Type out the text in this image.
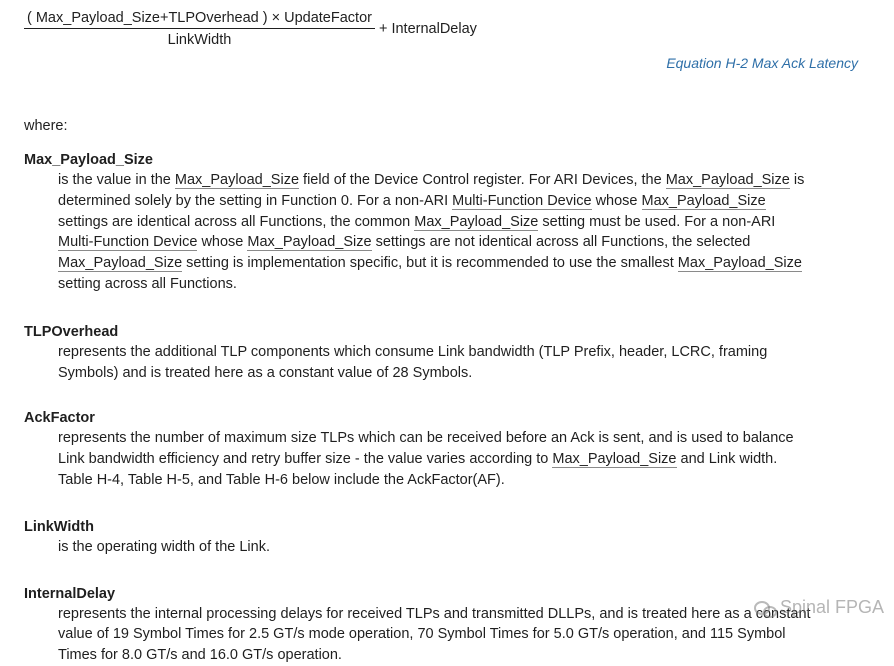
$\frac{\text{( Max\_Payload\_Size+TLPOverhead ) × UpdateFactor}}{\text{LinkWidth}}$ + InternalDelay
Equation H-2 Max Ack Latency
where:

Max_Payload_Size

is the value in the Max_Payload_Size field of the Device Control register. For ARI Devices, the Max_Payload_Size is
determined solely by the setting in Function 0. For a non-ARI Multi-Function Device whose Max_Payload_Size
settings are identical across all Functions, the common Max_Payload_Size setting must be used. For a non-ARI
Multi-Function Device whose Max_Payload_Size settings are not identical across all Functions, the selected
Max_Payload_Size setting is implementation specific, but it is recommended to use the smallest Max_Payload_Size
setting across all Functions.

TLPOverhead

represents the additional TLP components which consume Link bandwidth (TLP Prefix, header, LCRC, framing
Symbols) and is treated here as a constant value of 28 Symbols.

AckFactor

represents the number of maximum size TLPs which can be received before an Ack is sent, and is used to balance
Link bandwidth efficiency and retry buffer size - the value varies according to Max_Payload_Size and Link width.
Table H-4, Table H-5, and Table H-6 below include the AckFactor(AF).

LinkWidth

is the operating width of the Link.

InternalDelay

represents the internal processing delays for received TLPs and transmitted DLLPs, and is treated here as a constant
value of 19 Symbol Times for 2.5 GT/s mode operation, 70 Symbol Times for 5.0 GT/s operation, and 115 Symbol
Times for 8.0 GT/s and 16.0 GT/s operation.
Spinal FPGA
